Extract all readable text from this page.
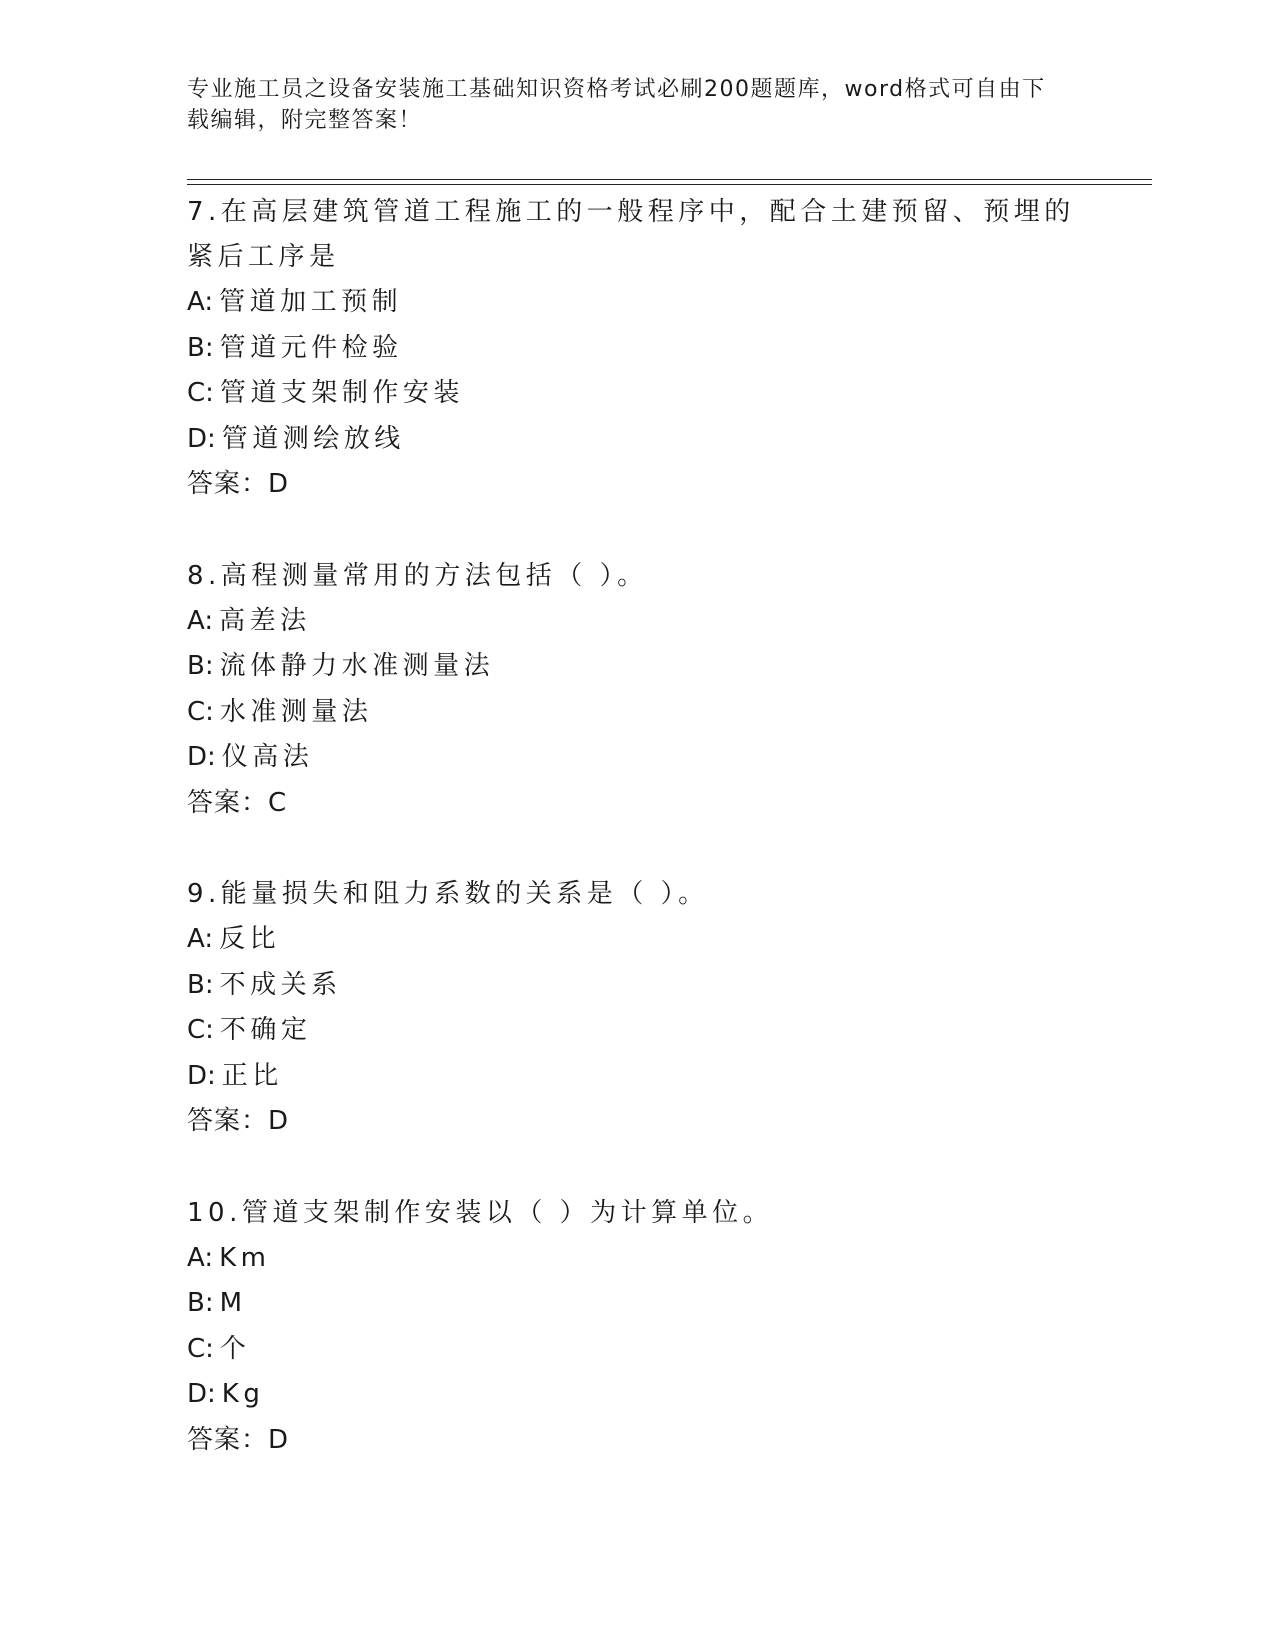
专业施工员之设备安装施工基础知识资格考试必刷200题题库，word格式可自由下载编辑，附完整答案！
7.在高层建筑管道工程施工的一般程序中，配合土建预留、预埋的紧后工序是
A: 管道加工预制
B: 管道元件检验
C: 管道支架制作安装
D: 管道测绘放线
答案：D
8.高程测量常用的方法包括（ ）。
A: 高差法
B: 流体静力水准测量法
C: 水准测量法
D: 仪高法
答案：C
9.能量损失和阻力系数的关系是（ ）。
A: 反比
B: 不成关系
C: 不确定
D: 正比
答案：D
10.管道支架制作安装以（ ）为计算单位。
A: Km
B: M
C: 个
D: Kg
答案：D
